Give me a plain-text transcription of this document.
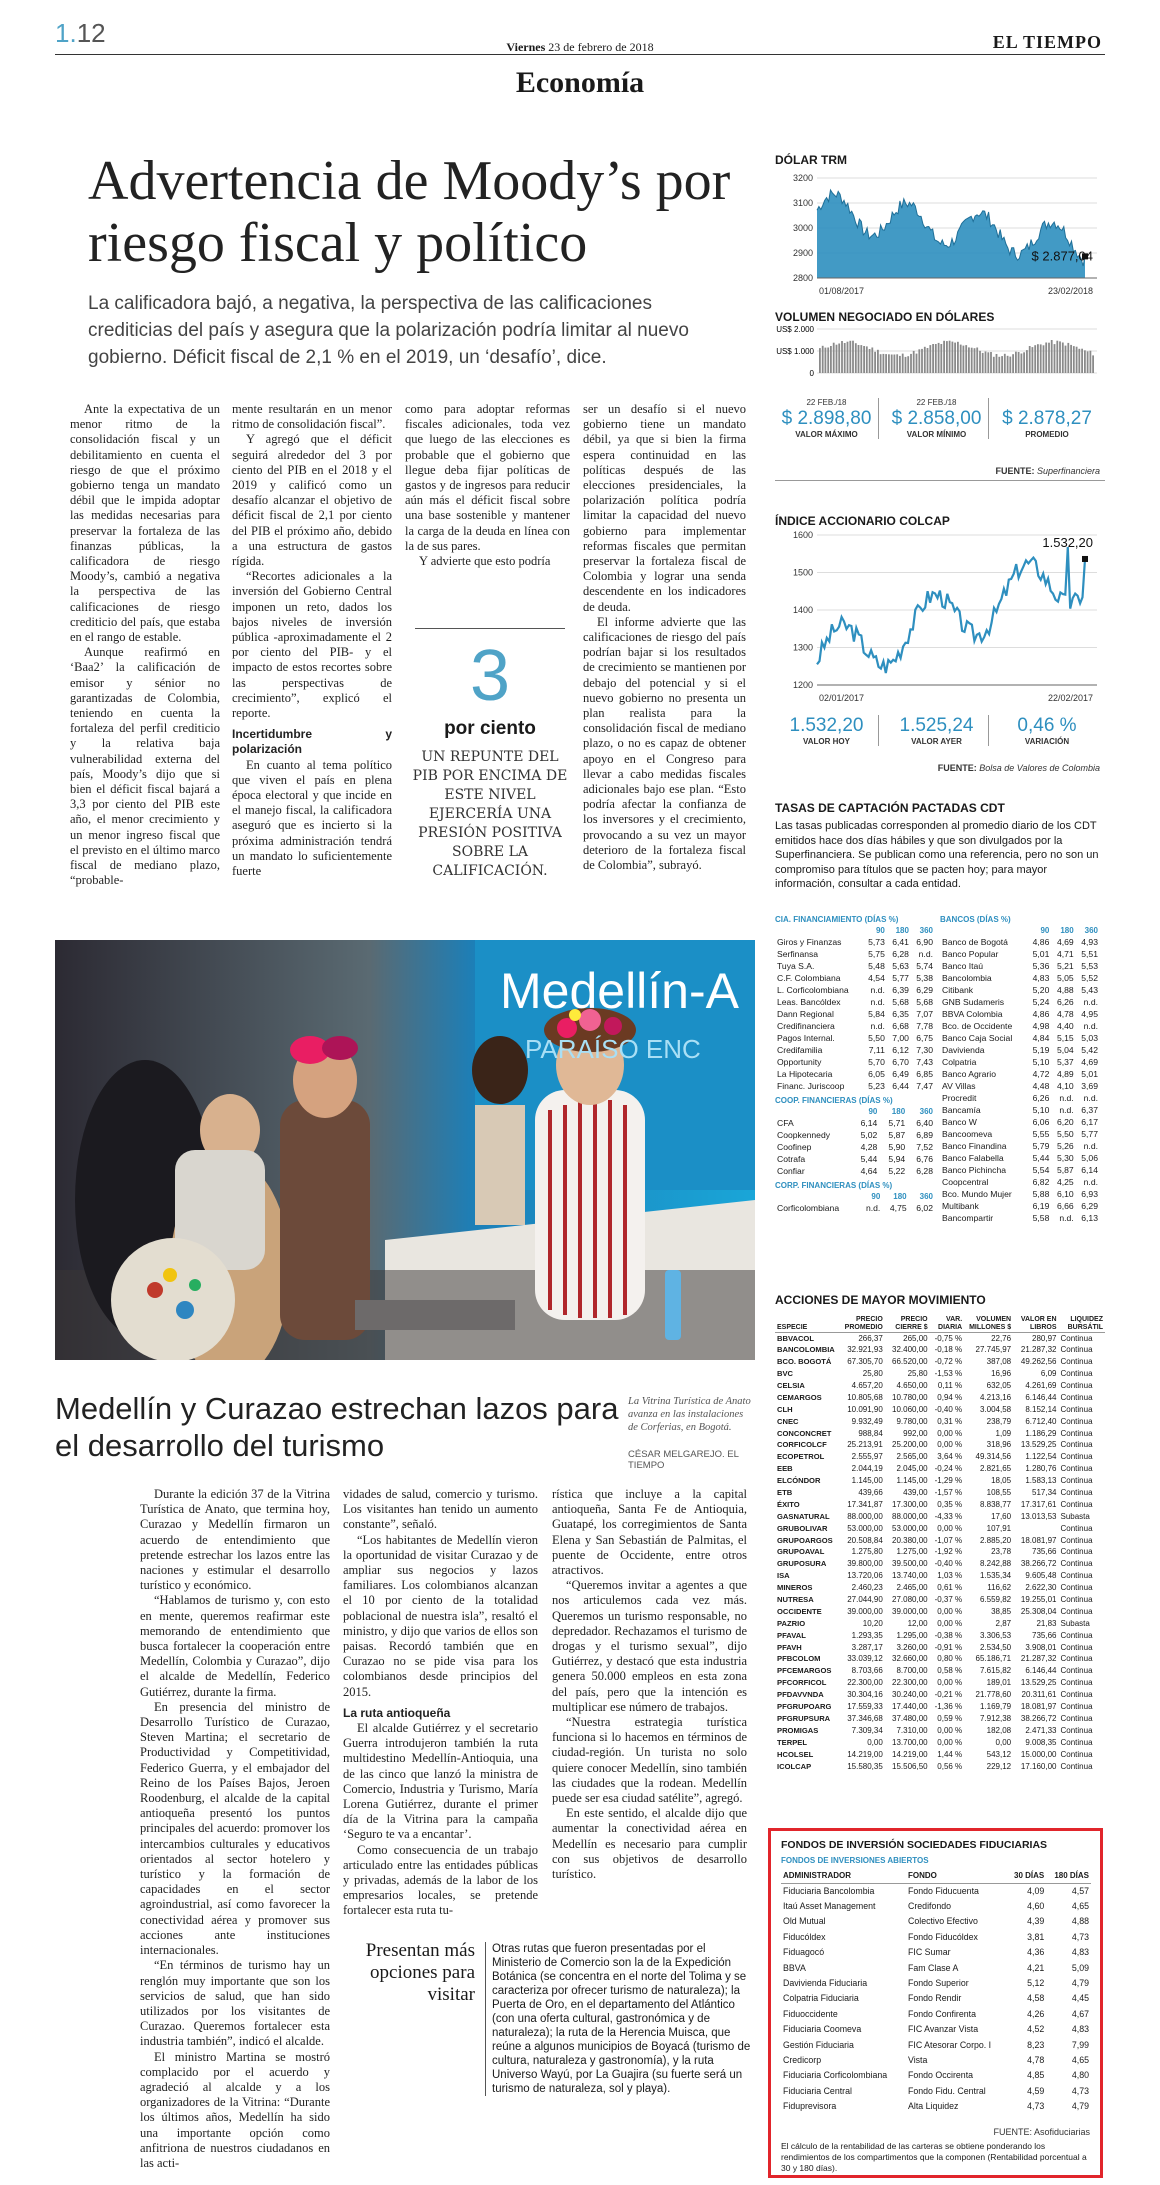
1.12	Viernes 23 de febrero de 2018	EL TIEMPO
Economía
Advertencia de Moody’s por riesgo fiscal y político
La calificadora bajó, a negativa, la perspectiva de las calificaciones crediticias del país y asegura que la polarización podría limitar al nuevo gobierno. Déficit fiscal de 2,1 % en el 2019, un ‘desafío’, dice.

Ante la expectativa de un menor ritmo de la consolidación fiscal y un debilitamiento en cuenta el riesgo de que el próximo gobierno tenga un mandato débil que le impida adoptar las medidas necesarias para preservar la fortaleza de las finanzas públicas, la calificadora de riesgo Moody’s, cambió a negativa la perspectiva de las calificaciones de riesgo crediticio del país, que estaba en el rango de estable.

Aunque reafirmó en ‘Baa2’ la calificación de emisor y sénior no garantizadas de Colombia, teniendo en cuenta la fortaleza del perfil crediticio y la relativa baja vulnerabilidad externa del país, Moody’s dijo que si bien el déficit fiscal bajará a 3,3 por ciento del PIB este año, el menor crecimiento y un menor ingreso fiscal que el previsto en el último marco fiscal de mediano plazo, “probable-

mente resultarán en un menor ritmo de consolidación fiscal”.

Y agregó que el déficit seguirá alrededor del 3 por ciento del PIB en el 2018 y el 2019 y calificó como un desafío alcanzar el objetivo de déficit fiscal de 2,1 por ciento del PIB el próximo año, debido a una estructura de gastos rígida.

“Recortes adicionales a la inversión del Gobierno Central imponen un reto, dados los bajos niveles de inversión pública -aproximadamente el 2 por ciento del PIB- y el impacto de estos recortes sobre las perspectivas de crecimiento”, explicó el reporte.

Incertidumbre y polarización

En cuanto al tema político que viven el país en plena época electoral y que incide en el manejo fiscal, la calificadora aseguró que es incierto si la próxima administración tendrá un mandato lo suficientemente fuerte

como para adoptar reformas fiscales adicionales, toda vez que luego de las elecciones es probable que el gobierno que llegue deba fijar políticas de gastos y de ingresos para reducir aún más el déficit fiscal sobre una base sostenible y mantener la carga de la deuda en línea con la de sus pares.

Y advierte que esto podría

3
por ciento
UN REPUNTE DEL PIB POR ENCIMA DE ESTE NIVEL EJERCERÍA UNA PRESIÓN POSITIVA SOBRE LA CALIFICACIÓN.

ser un desafío si el nuevo gobierno tiene un mandato débil, ya que si bien la firma espera continuidad en las políticas después de las elecciones presidenciales, la polarización política podría limitar la capacidad del nuevo gobierno para implementar reformas fiscales que permitan preservar la fortaleza fiscal de Colombia y lograr una senda descendente en los indicadores de deuda.

El informe advierte que las calificaciones de riesgo del país podrían bajar si los resultados de crecimiento se mantienen por debajo del potencial y si el nuevo gobierno no presenta un plan realista para la consolidación fiscal de mediano plazo, o no es capaz de obtener apoyo en el Congreso para llevar a cabo medidas fiscales adicionales bajo ese plan. “Esto podría afectar la confianza de los inversores y el crecimiento, provocando a su vez un mayor deterioro de la fortaleza fiscal de Colombia”, subrayó.

Medellín-A
PARAÍSO ENC
Medellín y Curazao estrechan lazos para el desarrollo del turismo
La Vitrina Turística de Anato avanza en las instalaciones de Corferias, en Bogotá.
CÉSAR MELGAREJO. EL TIEMPO

Durante la edición 37 de la Vitrina Turística de Anato, que termina hoy, Curazao y Medellín firmaron un acuerdo de entendimiento que pretende estrechar los lazos entre las naciones y estimular el desarrollo turístico y económico.

“Hablamos de turismo y, con esto en mente, queremos reafirmar este memorando de entendimiento que busca fortalecer la cooperación entre Medellín, Colombia y Curazao”, dijo el alcalde de Medellín, Federico Gutiérrez, durante la firma.

En presencia del ministro de Desarrollo Turístico de Curazao, Steven Martina; el secretario de Productividad y Competitividad, Federico Guerra, y el embajador del Reino de los Países Bajos, Jeroen Roodenburg, el alcalde de la capital antioqueña presentó los puntos principales del acuerdo: promover los intercambios culturales y educativos orientados al sector hotelero y turístico y la formación de capacidades en el sector agroindustrial, así como favorecer la conectividad aérea y promover sus acciones ante instituciones internacionales.

“En términos de turismo hay un renglón muy importante que son los servicios de salud, que han sido utilizados por los visitantes de Curazao. Queremos fortalecer esta industria también”, indicó el alcalde.

El ministro Martina se mostró complacido por el acuerdo y agradeció al alcalde y a los organizadores de la Vitrina: “Durante los últimos años, Medellín ha sido una importante opción como anfitriona de nuestros ciudadanos en las acti-

vidades de salud, comercio y turismo. Los visitantes han tenido un aumento constante”, señaló.

“Los habitantes de Medellín vieron la oportunidad de visitar Curazao y de ampliar sus negocios y lazos familiares. Los colombianos alcanzan el 10 por ciento de la totalidad poblacional de nuestra isla”, resaltó el ministro, y dijo que varios de ellos son paisas. Recordó también que en Curazao no se pide visa para los colombianos desde principios del 2015.

La ruta antioqueña

El alcalde Gutiérrez y el secretario Guerra introdujeron también la ruta multidestino Medellín-Antioquia, una de las cinco que lanzó la ministra de Comercio, Industria y Turismo, María Lorena Gutiérrez, durante el primer día de la Vitrina para la campaña ‘Seguro te va a encantar’.

Como consecuencia de un trabajo articulado entre las entidades públicas y privadas, además de la labor de los empresarios locales, se pretende fortalecer esta ruta tu-

rística que incluye a la capital antioqueña, Santa Fe de Antioquia, Guatapé, los corregimientos de Santa Elena y San Sebastián de Palmitas, el puente de Occidente, entre otros atractivos.

“Queremos invitar a agentes a que nos articulemos cada vez más. Queremos un turismo responsable, no depredador. Rechazamos el turismo de drogas y el turismo sexual”, dijo Gutiérrez, y destacó que esta industria genera 50.000 empleos en esta zona del país, pero que la intención es multiplicar ese número de trabajos.

“Nuestra estrategia turística funciona si lo hacemos en términos de ciudad-región. Un turista no solo quiere conocer Medellín, sino también las ciudades que la rodean. Medellín puede ser esa ciudad satélite”, agregó.

En este sentido, el alcalde dijo que aumentar la conectividad aérea en Medellín es necesario para cumplir con sus objetivos de desarrollo turístico.

Presentan más opciones para visitar
Otras rutas que fueron presentadas por el Ministerio de Comercio son la de la Expedición Botánica (se concentra en el norte del Tolima y se caracteriza por ofrecer turismo de naturaleza); la Puerta de Oro, en el departamento del Atlántico (con una oferta cultural, gastronómica y de naturaleza); la ruta de la Herencia Muisca, que reúne a algunos municipios de Boyacá (turismo de cultura, naturaleza y gastronomía), y la ruta Universo Wayú, por La Guajira (su fuerte será un turismo de naturaleza, sol y playa).
DÓLAR TRM
3200
3100
3000
2900
2800
$ 2.877,04
01/08/2017	23/02/2018
VOLUMEN NEGOCIADO EN DÓLARES
US$ 2.000
US$ 1.000
0
22 FEB./18
$ 2.898,80
VALOR MÁXIMO
22 FEB./18
$ 2.858,00
VALOR MÍNIMO
$ 2.878,27
PROMEDIO
FUENTE: Superfinanciera
ÍNDICE ACCIONARIO COLCAP
1600
1500
1400
1300
1200
1.532,20
02/01/2017	22/02/2017
1.532,20
VALOR HOY
1.525,24
VALOR AYER
0,46 %
VARIACIÓN
FUENTE: Bolsa de Valores de Colombia
TASAS DE CAPTACIÓN PACTADAS CDT
Las tasas publicadas corresponden al promedio diario de los CDT emitidos hace dos días hábiles y que son divulgados por la Superfinanciera. Se publican como una referencia, pero no son un compromiso para títulos que se pacten hoy; para mayor información, consultar a cada entidad.
CIA. FINANCIAMIENTO (DÍAS %)
	90	180	360
Giros y Finanzas	5,73	6,41	6,90
Serfinansa	5,75	6,28	n.d.
Tuya S.A.	5,48	5,63	5,74
C.F. Colombiana	4,54	5,77	5,38
L. Corficolombiana	n.d.	6,39	6,29
Leas. Bancóldex	n.d.	5,68	5,68
Dann Regional	5,84	6,35	7,07
Credifinanciera	n.d.	6,68	7,78
Pagos Internal.	5,50	7,00	6,75
Credifamilia	7,11	6,12	7,30
Opportunity	5,70	6,70	7,43
La Hipotecaria	6,05	6,49	6,85
Financ. Juriscoop	5,23	6,44	7,47
COOP. FINANCIERAS (DÍAS %)
	90	180	360
CFA	6,14	5,71	6,40
Coopkennedy	5,02	5,87	6,89
Coofinep	4,28	5,90	7,52
Cotrafa	5,44	5,94	6,76
Confiar	4,64	5,22	6,28
CORP. FINANCIERAS (DÍAS %)
	90	180	360
Corficolombiana	n.d.	4,75	6,02
BANCOS (DÍAS %)
	90	180	360
Banco de Bogotá	4,86	4,69	4,93
Banco Popular	5,01	4,71	5,51
Banco Itaú	5,36	5,21	5,53
Bancolombia	4,83	5,05	5,52
Citibank	5,20	4,88	5,43
GNB Sudameris	5,24	6,26	n.d.
BBVA Colombia	4,86	4,78	4,95
Bco. de Occidente	4,98	4,40	n.d.
Banco Caja Social	4,84	5,15	5,03
Davivienda	5,19	5,04	5,42
Colpatria	5,10	5,37	4,69
Banco Agrario	4,72	4,89	5,01
AV Villas	4,48	4,10	3,69
Procredit	6,26	n.d.	n.d.
Bancamía	5,10	n.d.	6,37
Banco W	6,06	6,20	6,17
Bancoomeva	5,55	5,50	5,77
Banco Finandina	5,79	5,26	n.d.
Banco Falabella	5,44	5,30	5,06
Banco Pichincha	5,54	5,87	6,14
Coopcentral	6,82	4,25	n.d.
Bco. Mundo Mujer	5,88	6,10	6,93
Multibank	6,19	6,66	6,29
Bancompartir	5,58	n.d.	6,13
ACCIONES DE MAYOR MOVIMIENTO
ESPECIE	PRECIO PROMEDIO	PRECIO CIERRE $	VAR. DIARIA	VOLUMEN MILLONES $	VALOR EN LIBROS	LIQUIDEZ BURSÁTIL
BBVACOL	266,37	265,00	-0,75 %	22,76	280,97	Continua
BANCOLOMBIA	32.921,93	32.400,00	-0,18 %	27.745,97	21.287,32	Continua
BCO. BOGOTÁ	67.305,70	66.520,00	-0,72 %	387,08	49.262,56	Continua
BVC	25,80	25,80	-1,53 %	16,96	6,09	Continua
CELSIA	4.657,20	4.650,00	0,11 %	632,05	4.261,69	Continua
CEMARGOS	10.805,68	10.780,00	0,94 %	4.213,16	6.146,44	Continua
CLH	10.091,90	10.060,00	-0,40 %	3.004,58	8.152,14	Continua
CNEC	9.932,49	9.780,00	0,31 %	238,79	6.712,40	Continua
CONCONCRET	988,84	992,00	0,00 %	1,09	1.186,29	Continua
CORFICOLCF	25.213,91	25.200,00	0,00 %	318,96	13.529,25	Continua
ECOPETROL	2.555,97	2.565,00	3,64 %	49.314,56	1.122,54	Continua
EEB	2.044,19	2.045,00	-0,24 %	2.821,65	1.280,76	Continua
ELCÓNDOR	1.145,00	1.145,00	-1,29 %	18,05	1.583,13	Continua
ETB	439,66	439,00	-1,57 %	108,55	517,34	Continua
ÉXITO	17.341,87	17.300,00	0,35 %	8.838,77	17.317,61	Continua
GASNATURAL	88.000,00	88.000,00	-4,33 %	17,60	13.013,53	Subasta
GRUBOLIVAR	53.000,00	53.000,00	0,00 %	107,91		Continua
GRUPOARGOS	20.508,84	20.380,00	-1,07 %	2.885,20	18.081,97	Continua
GRUPOAVAL	1.275,80	1.275,00	-1,92 %	23,78	735,66	Continua
GRUPOSURA	39.800,00	39.500,00	-0,40 %	8.242,88	38.266,72	Continua
ISA	13.720,06	13.740,00	1,03 %	1.535,34	9.605,48	Continua
MINEROS	2.460,23	2.465,00	0,61 %	116,62	2.622,30	Continua
NUTRESA	27.044,90	27.080,00	-0,37 %	6.559,82	19.255,01	Continua
OCCIDENTE	39.000,00	39.000,00	0,00 %	38,85	25.308,04	Continua
PAZRIO	10,20	12,00	0,00 %	2,87	21,83	Subasta
PFAVAL	1.293,35	1.295,00	-0,38 %	3.306,53	735,66	Continua
PFAVH	3.287,17	3.260,00	-0,91 %	2.534,50	3.908,01	Continua
PFBCOLOM	33.039,12	32.660,00	0,80 %	65.186,71	21.287,32	Continua
PFCEMARGOS	8.703,66	8.700,00	0,58 %	7.615,82	6.146,44	Continua
PFCORFICOL	22.300,00	22.300,00	0,00 %	189,01	13.529,25	Continua
PFDAVVNDA	30.304,16	30.240,00	-0,21 %	21.778,60	20.311,61	Continua
PFGRUPOARG	17.559,33	17.440,00	-1,36 %	1.169,79	18.081,97	Continua
PFGRUPSURA	37.346,68	37.480,00	0,59 %	7.912,38	38.266,72	Continua
PROMIGAS	7.309,34	7.310,00	0,00 %	182,08	2.471,33	Continua
TERPEL	0,00	13.700,00	0,00 %	0,00	9.008,35	Continua
HCOLSEL	14.219,00	14.219,00	1,44 %	543,12	15.000,00	Continua
ICOLCAP	15.580,35	15.506,50	0,56 %	229,12	17.160,00	Continua
FONDOS DE INVERSIÓN SOCIEDADES FIDUCIARIAS
FONDOS DE INVERSIONES ABIERTOS
ADMINISTRADOR	FONDO	30 DÍAS	180 DÍAS
Fiduciaria Bancolombia	Fondo Fiducuenta	4,09	4,57
Itaú Asset Management	Credifondo	4,60	4,65
Old Mutual	Colectivo Efectivo	4,39	4,88
Fiducóldex	Fondo Fiducóldex	3,81	4,73
Fiduagocó	FIC Sumar	4,36	4,83
BBVA	Fam Clase A	4,21	5,09
Davivienda Fiduciaria	Fondo Superior	5,12	4,79
Colpatria Fiduciaria	Fondo Rendir	4,58	4,45
Fiduoccidente	Fondo Confirenta	4,26	4,67
Fiduciaria Coomeva	FIC Avanzar Vista	4,52	4,83
Gestión Fiduciaria	FIC Atesorar Corpo. I	8,23	7,99
Credicorp	Vista	4,78	4,65
Fiduciaria Corficolombiana	Fondo Occirenta	4,85	4,80
Fiduciaria Central	Fondo Fidu. Central	4,59	4,73
Fiduprevisora	Alta Liquidez	4,73	4,79
FUENTE: Asofiduciarias
El cálculo de la rentabilidad de las carteras se obtiene ponderando los rendimientos de los compartimentos que la componen (Rentabilidad porcentual a 30 y 180 días).
